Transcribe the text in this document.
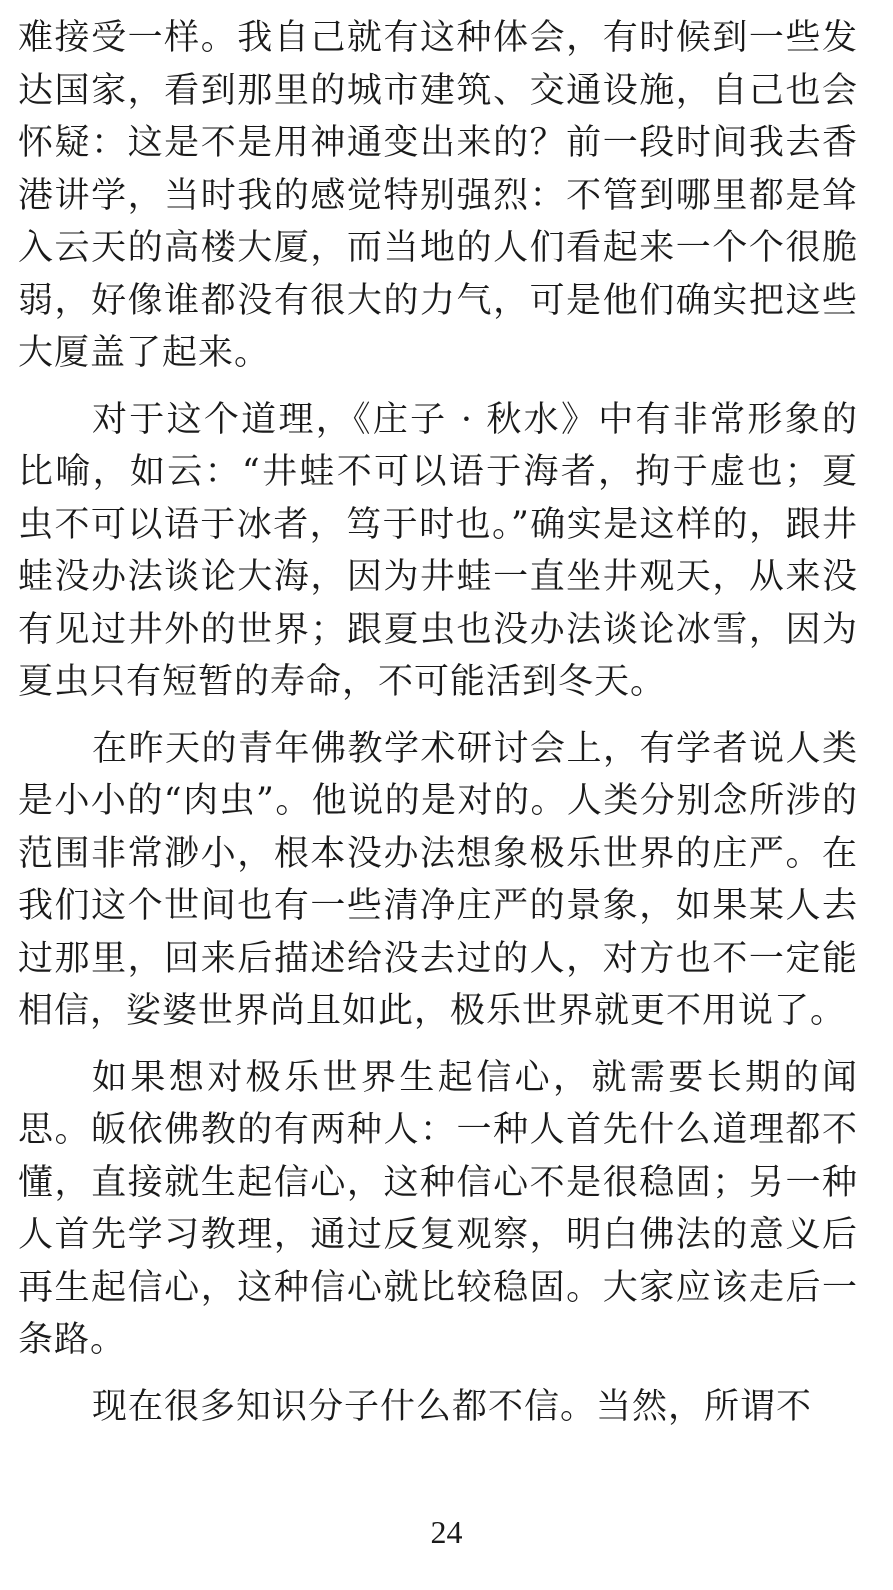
难接受一样。我自己就有这种体会，有时候到一些发达国家，看到那里的城市建筑、交通设施，自己也会怀疑：这是不是用神通变出来的？前一段时间我去香港讲学，当时我的感觉特别强烈：不管到哪里都是耸入云天的高楼大厦，而当地的人们看起来一个个很脆弱，好像谁都没有很大的力气，可是他们确实把这些大厦盖了起来。

对于这个道理，《庄子 · 秋水》中有非常形象的比喻，如云：“井蛙不可以语于海者，拘于虚也；夏虫不可以语于冰者，笃于时也。”确实是这样的，跟井蛙没办法谈论大海，因为井蛙一直坐井观天，从来没有见过井外的世界；跟夏虫也没办法谈论冰雪，因为夏虫只有短暂的寿命，不可能活到冬天。

在昨天的青年佛教学术研讨会上，有学者说人类是小小的“肉虫”。他说的是对的。人类分别念所涉的范围非常渺小，根本没办法想象极乐世界的庄严。在我们这个世间也有一些清净庄严的景象，如果某人去过那里，回来后描述给没去过的人，对方也不一定能相信，娑婆世界尚且如此，极乐世界就更不用说了。

如果想对极乐世界生起信心，就需要长期的闻思。皈依佛教的有两种人：一种人首先什么道理都不懂，直接就生起信心，这种信心不是很稳固；另一种人首先学习教理，通过反复观察，明白佛法的意义后再生起信心，这种信心就比较稳固。大家应该走后一条路。

现在很多知识分子什么都不信。当然，所谓不

24
